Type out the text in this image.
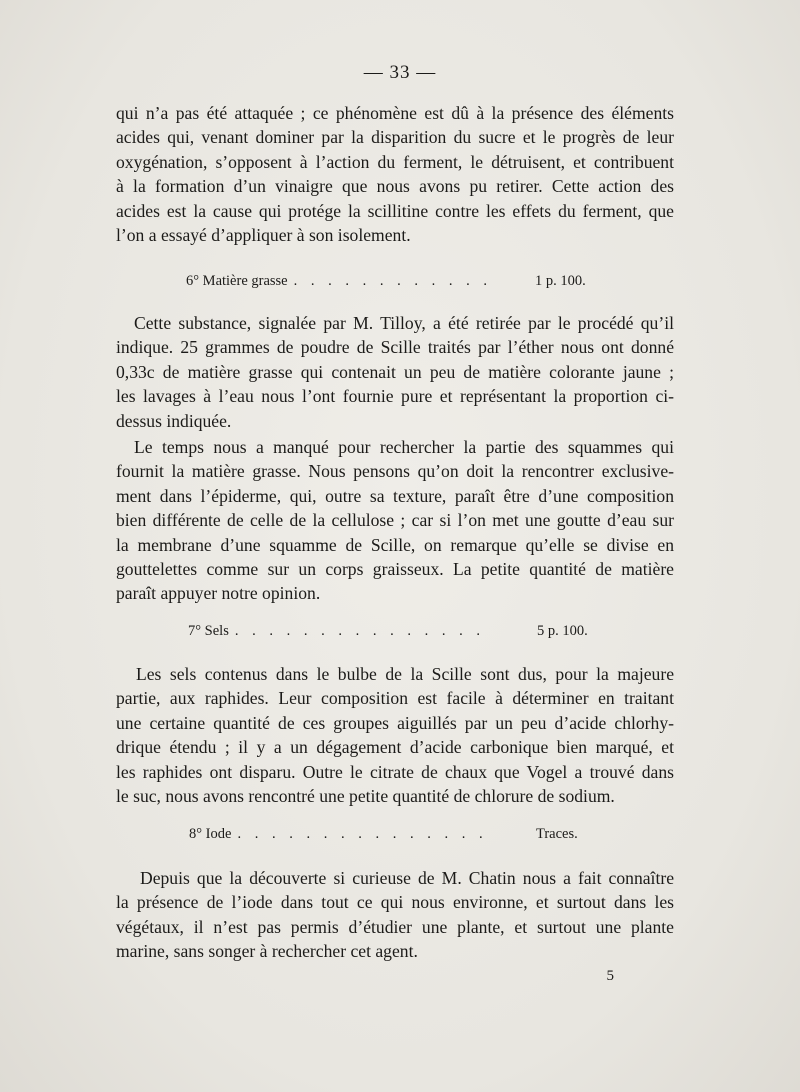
— 33 —
qui n’a pas été attaquée ; ce phénomène est dû à la présence des éléments
acides qui, venant dominer par la disparition du sucre et le progrès de leur
oxygénation, s’opposent à l’action du ferment, le détruisent, et contribuent
à la formation d’un vinaigre que nous avons pu retirer. Cette action des
acides est la cause qui protége la scillitine contre les effets du ferment, que
l’on a essayé d’appliquer à son isolement.
6° Matière grasse . . . . . . . . . . . .	1 p. 100.
Cette substance, signalée par M. Tilloy, a été retirée par le procédé qu’il
indique. 25 grammes de poudre de Scille traités par l’éther nous ont donné
0,33c de matière grasse qui contenait un peu de matière colorante jaune ;
les lavages à l’eau nous l’ont fournie pure et représentant la proportion ci-
dessus indiquée.
Le temps nous a manqué pour rechercher la partie des squammes qui
fournit la matière grasse. Nous pensons qu’on doit la rencontrer exclusive-
ment dans l’épiderme, qui, outre sa texture, paraît être d’une composition
bien différente de celle de la cellulose ; car si l’on met une goutte d’eau sur
la membrane d’une squamme de Scille, on remarque qu’elle se divise en
gouttelettes comme sur un corps graisseux. La petite quantité de matière
paraît appuyer notre opinion.
7° Sels . . . . . . . . . . . . . . .	5 p. 100.
Les sels contenus dans le bulbe de la Scille sont dus, pour la majeure
partie, aux raphides. Leur composition est facile à déterminer en traitant
une certaine quantité de ces groupes aiguillés par un peu d’acide chlorhy-
drique étendu ; il y a un dégagement d’acide carbonique bien marqué, et
les raphides ont disparu. Outre le citrate de chaux que Vogel a trouvé dans
le suc, nous avons rencontré une petite quantité de chlorure de sodium.
8° Iode . . . . . . . . . . . . . . .	Traces.
Depuis que la découverte si curieuse de M. Chatin nous a fait connaître
la présence de l’iode dans tout ce qui nous environne, et surtout dans les
végétaux, il n’est pas permis d’étudier une plante, et surtout une plante
marine, sans songer à rechercher cet agent.
5
